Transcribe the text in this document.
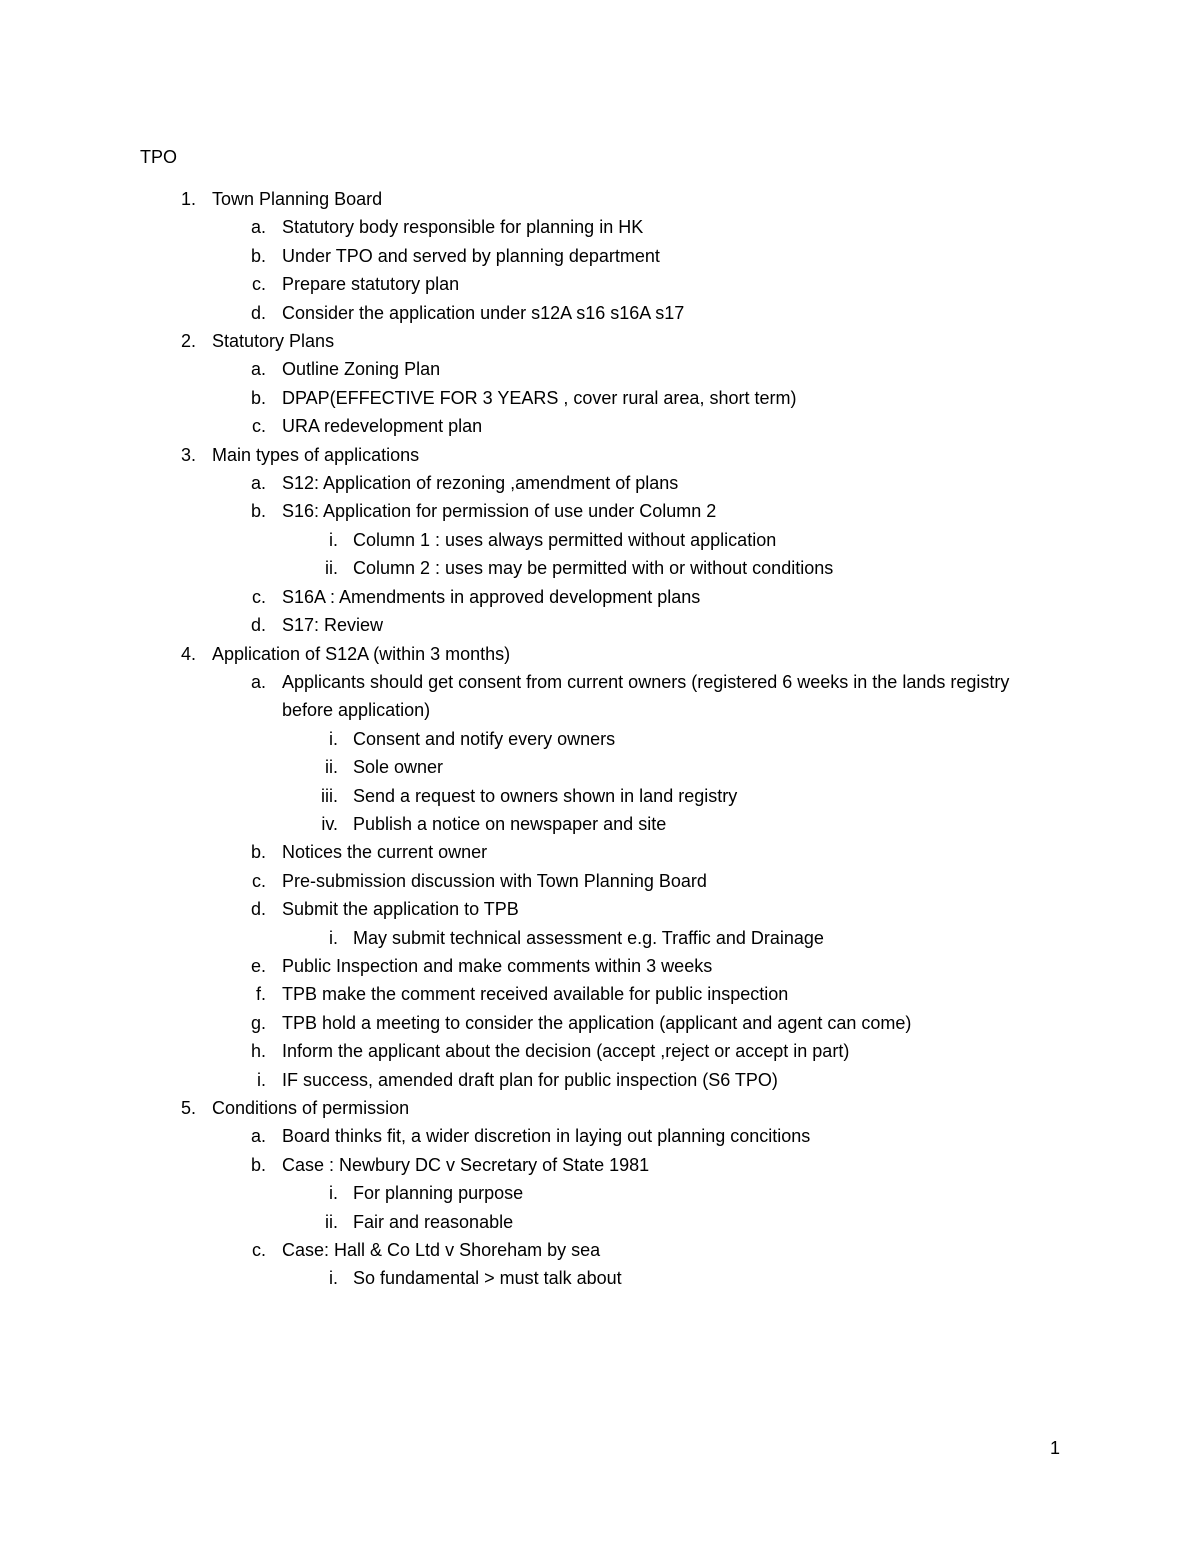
TPO
1. Town Planning Board
a. Statutory body responsible for planning in HK
b. Under TPO and served by planning department
c. Prepare statutory plan
d. Consider the application under s12A s16 s16A s17
2. Statutory Plans
a. Outline Zoning Plan
b. DPAP(EFFECTIVE FOR 3 YEARS , cover rural area, short term)
c. URA redevelopment plan
3. Main types of applications
a. S12: Application of rezoning ,amendment of plans
b. S16: Application for permission of use under Column 2
i. Column 1 : uses always permitted without application
ii. Column 2 : uses may be permitted with or without conditions
c. S16A : Amendments in approved development plans
d. S17: Review
4. Application of S12A (within 3 months)
a. Applicants should get consent from current owners (registered 6 weeks in the lands registry before application)
i. Consent and notify every owners
ii. Sole owner
iii. Send a request to owners shown in land registry
iv. Publish a notice on newspaper and site
b. Notices the current owner
c. Pre-submission discussion with Town Planning Board
d. Submit the application to TPB
i. May submit technical assessment e.g. Traffic and Drainage
e. Public Inspection and make comments within 3 weeks
f. TPB make the comment received available for public inspection
g. TPB hold a meeting to consider the application (applicant and agent can come)
h. Inform the applicant about the decision (accept ,reject or accept in part)
i. IF success, amended draft plan for public inspection (S6 TPO)
5. Conditions of permission
a. Board thinks fit, a wider discretion in laying out planning concitions
b. Case : Newbury DC v Secretary of State 1981
i. For planning purpose
ii. Fair and reasonable
c. Case: Hall & Co Ltd v Shoreham by sea
i. So fundamental > must talk about
1
